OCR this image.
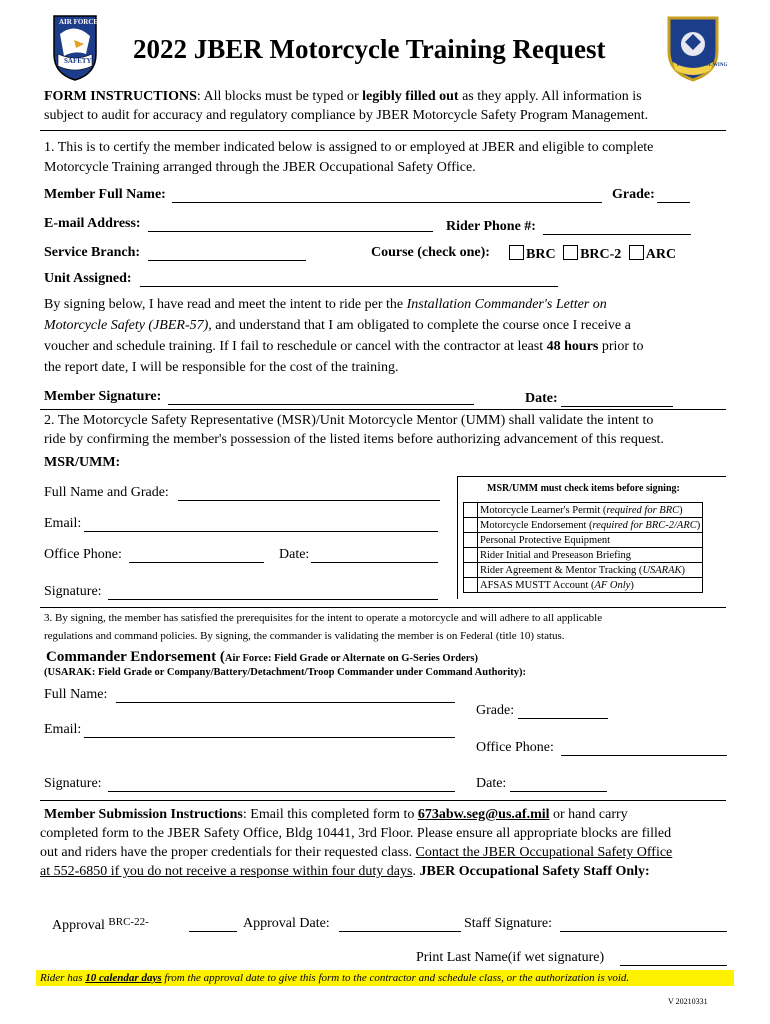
AIR FORCE
SAFETY 2022 JBER Motorcycle Training Request
673d AIR BASE WING
FORM INSTRUCTIONS: All blocks must be typed or legibly filled out as they apply. All information is
subject to audit for accuracy and regulatory compliance by JBER Motorcycle Safety Program Management.
1. This is to certify the member indicated below is assigned to or employed at JBER and eligible to complete
Motorcycle Training arranged through the JBER Occupational Safety Office.
Member Full Name:	Grade:
E-mail Address:	Rider Phone #:
Service Branch:	Course (check one):	BRC BRC-2 ARC
Unit Assigned:
By signing below, I have read and meet the intent to ride per the Installation Commander's Letter on
Motorcycle Safety (JBER-57), and understand that I am obligated to complete the course once I receive a
voucher and schedule training. If I fail to reschedule or cancel with the contractor at least 48 hours prior to
the report date, I will be responsible for the cost of the training.
Member Signature:	Date:
2. The Motorcycle Safety Representative (MSR)/Unit Motorcycle Mentor (UMM) shall validate the intent to
ride by confirming the member's possession of the listed items before authorizing advancement of this request.
MSR/UMM:
Full Name and Grade:
Email:
Office Phone:	Date:
Signature:
MSR/UMM must check items before signing:
	Motorcycle Learner's Permit (required for BRC)
	Motorcycle Endorsement (required for BRC-2/ARC)
	Personal Protective Equipment
	Rider Initial and Preseason Briefing
	Rider Agreement & Mentor Tracking (USARAK)
	AFSAS MUSTT Account (AF Only)
3. By signing, the member has satisfied the prerequisites for the intent to operate a motorcycle and will adhere to all applicable
regulations and command policies. By signing, the commander is validating the member is on Federal (title 10) status.
Commander Endorsement (Air Force: Field Grade or Alternate on G-Series Orders)
(USARAK: Field Grade or Company/Battery/Detachment/Troop Commander under Command Authority):
Full Name:
Grade:
Email:
Office Phone:
Signature:	Date:
Member Submission Instructions: Email this completed form to 673abw.seg@us.af.mil or hand carry
completed form to the JBER Safety Office, Bldg 10441, 3rd Floor. Please ensure all appropriate blocks are filled
out and riders have the proper credentials for their requested class. Contact the JBER Occupational Safety Office
at 552-6850 if you do not receive a response within four duty days. JBER Occupational Safety Staff Only:
Approval $^{BRC-22-}$	Approval Date:	Staff Signature:
Print Last Name(if wet signature)
Rider has 10 calendar days from the approval date to give this form to the contractor and schedule class, or the authorization is void.
V 20210331
